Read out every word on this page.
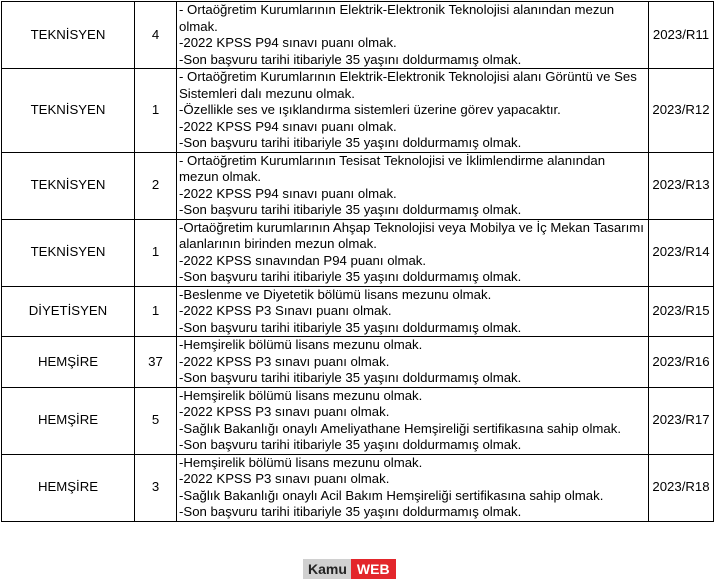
TEKNİSYEN	4	- Ortaöğretim Kurumlarının Elektrik-Elektronik Teknolojisi alanından mezun olmak.
-2022 KPSS P94 sınavı puanı olmak.
-Son başvuru tarihi itibariyle 35 yaşını doldurmamış olmak.	2023/R11
TEKNİSYEN	1	- Ortaöğretim Kurumlarının Elektrik-Elektronik Teknolojisi alanı Görüntü ve Ses Sistemleri dalı mezunu olmak.
-Özellikle ses ve ışıklandırma sistemleri üzerine görev yapacaktır.
-2022 KPSS P94 sınavı puanı olmak.
-Son başvuru tarihi itibariyle 35 yaşını doldurmamış olmak.	2023/R12
TEKNİSYEN	2	- Ortaöğretim Kurumlarının Tesisat Teknolojisi ve İklimlendirme alanından mezun olmak.
-2022 KPSS P94 sınavı puanı olmak.
-Son başvuru tarihi itibariyle 35 yaşını doldurmamış olmak.	2023/R13
TEKNİSYEN	1	-Ortaöğretim kurumlarının Ahşap Teknolojisi veya Mobilya ve İç Mekan Tasarımı alanlarının birinden mezun olmak.
-2022 KPSS sınavından P94 puanı olmak.
-Son başvuru tarihi itibariyle 35 yaşını doldurmamış olmak.	2023/R14
DİYETİSYEN	1	-Beslenme ve Diyetetik bölümü lisans mezunu olmak.
-2022 KPSS P3 Sınavı puanı olmak.
-Son başvuru tarihi itibariyle 35 yaşını doldurmamış olmak.	2023/R15
HEMŞİRE	37	-Hemşirelik bölümü lisans mezunu olmak.
-2022 KPSS P3 sınavı puanı olmak.
-Son başvuru tarihi itibariyle 35 yaşını doldurmamış olmak.	2023/R16
HEMŞİRE	5	-Hemşirelik bölümü lisans mezunu olmak.
-2022 KPSS P3 sınavı puanı olmak.
-Sağlık Bakanlığı onaylı Ameliyathane Hemşireliği sertifikasına sahip olmak.
-Son başvuru tarihi itibariyle 35 yaşını doldurmamış olmak.	2023/R17
HEMŞİRE	3	-Hemşirelik bölümü lisans mezunu olmak.
-2022 KPSS P3 sınavı puanı olmak.
-Sağlık Bakanlığı onaylı Acil Bakım Hemşireliği sertifikasına sahip olmak.
-Son başvuru tarihi itibariyle 35 yaşını doldurmamış olmak.	2023/R18
Kamu WEB
